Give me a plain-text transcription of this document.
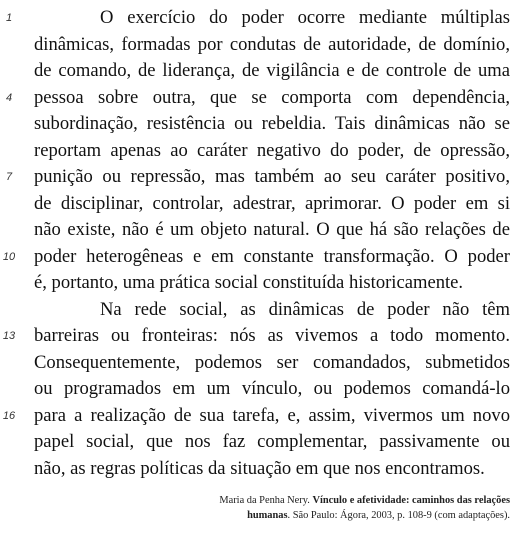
1
4
7
10
13
16
O exercício do poder ocorre mediante múltiplas
dinâmicas, formadas por condutas de autoridade, de domínio,
de comando, de liderança, de vigilância e de controle de uma
pessoa sobre outra, que se comporta com dependência,
subordinação, resistência ou rebeldia. Tais dinâmicas não se
reportam apenas ao caráter negativo do poder, de opressão,
punição ou repressão, mas também ao seu caráter positivo,
de disciplinar, controlar, adestrar, aprimorar. O poder em si
não existe, não é um objeto natural. O que há são relações de
poder heterogêneas e em constante transformação. O poder
é, portanto, uma prática social constituída historicamente.
Na rede social, as dinâmicas de poder não têm
barreiras ou fronteiras: nós as vivemos a todo momento.
Consequentemente, podemos ser comandados, submetidos
ou programados em um vínculo, ou podemos comandá-lo
para a realização de sua tarefa, e, assim, vivermos um novo
papel social, que nos faz complementar, passivamente ou
não, as regras políticas da situação em que nos encontramos.
Maria da Penha Nery. Vínculo e afetividade: caminhos das relações
humanas. São Paulo: Ágora, 2003, p. 108-9 (com adaptações).
